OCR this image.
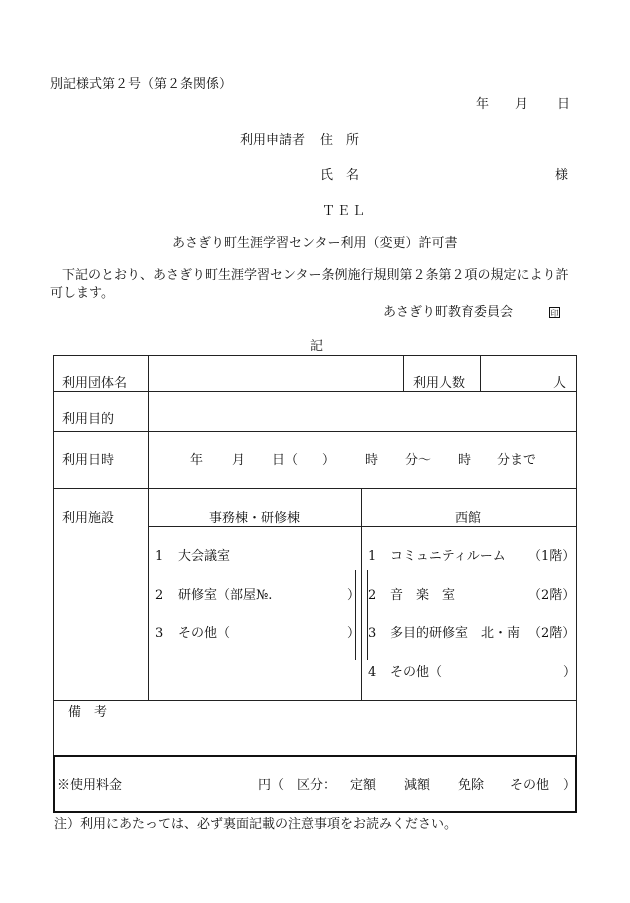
別記様式第２号（第２条関係）
年 月 日
利用申請者 住　所
氏　名	様
ＴＥＬ
あさぎり町生涯学習センター利用（変更）許可書
下記のとおり、あさぎり町生涯学習センター条例施行規則第２条第２項の規定により許
可します。
あさぎり町教育委員会	印
記
利用団体名	利用人数	人
利用目的
利用日時	年 月 日（ ） 時 分～ 時 分まで
利用施設	事務棟・研修棟	西館
1 大会議室
2 研修室（部屋№.	）
3 その他（	）
1 コミュニティルーム （1階）
2 音　楽　室	（2階）
3 多目的研修室　北・南 （2階）
4 その他（	）
備　考
※使用料金	円（ 区分： 定額 減額 免除 その他 ）
注）利用にあたっては、必ず裏面記載の注意事項をお読みください。
